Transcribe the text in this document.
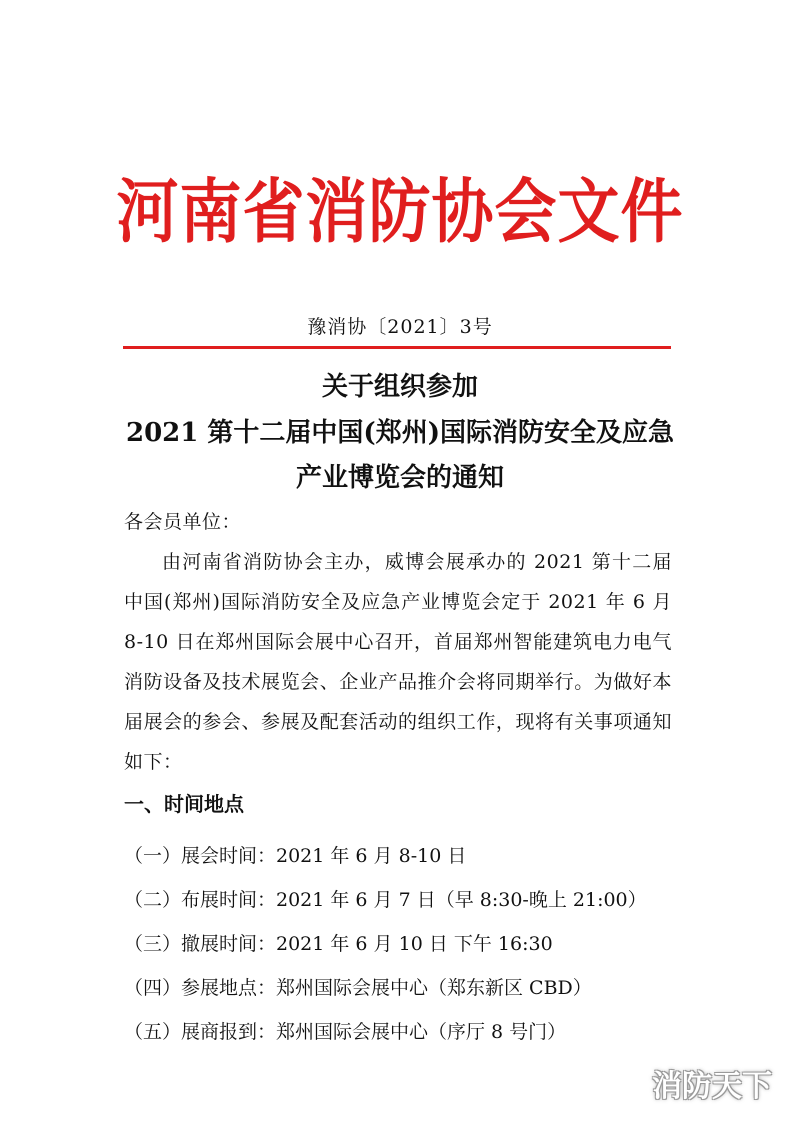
河南省消防协会文件
豫消协〔2021〕3号
关于组织参加
2021 第十二届中国(郑州)国际消防安全及应急
产业博览会的通知
各会员单位：
由河南省消防协会主办，威博会展承办的 2021 第十二届中国(郑州)国际消防安全及应急产业博览会定于 2021 年 6 月 8-10 日在郑州国际会展中心召开，首届郑州智能建筑电力电气消防设备及技术展览会、企业产品推介会将同期举行。为做好本届展会的参会、参展及配套活动的组织工作，现将有关事项通知如下：
一、时间地点
（一）展会时间：2021 年 6 月 8-10 日
（二）布展时间：2021 年 6 月 7 日（早 8:30-晚上 21:00）
（三）撤展时间：2021 年 6 月 10 日 下午 16:30
（四）参展地点：郑州国际会展中心（郑东新区 CBD）
（五）展商报到：郑州国际会展中心（序厅 8 号门）
消防天下
